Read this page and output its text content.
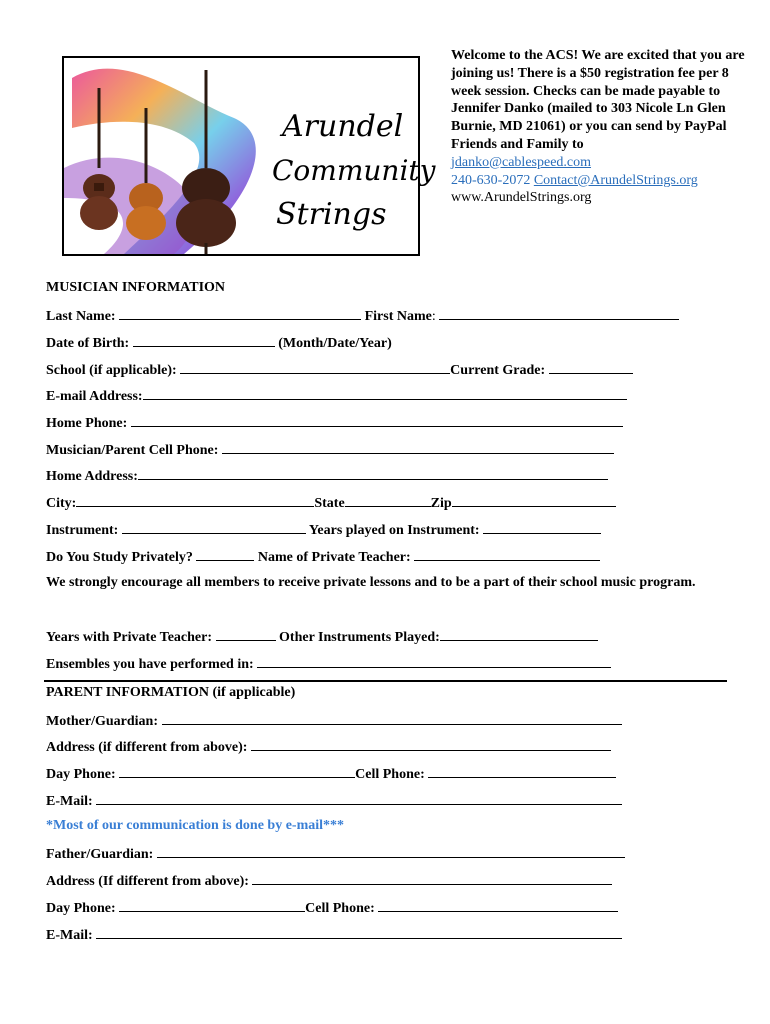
Arundel
Community
Strings
Welcome to the ACS! We are excited that you are joining us! There is a $50 registration fee per 8 week session. Checks can be made payable to Jennifer Danko (mailed to 303 Nicole Ln Glen Burnie, MD 21061) or you can send by PayPal Friends and Family to
jdanko@cablespeed.com
240-630-2072 Contact@ArundelStrings.org
www.ArundelStrings.org
MUSICIAN INFORMATION
Last Name:	First Name:
Date of Birth:	(Month/Date/Year)
School (if applicable):	Current Grade:
E-mail Address:
Home Phone:
Musician/Parent Cell Phone:
Home Address:
City:	State	Zip
Instrument:	Years played on Instrument:
Do You Study Privately?	Name of Private Teacher:
We strongly encourage all members to receive private lessons and to be a part of their school music program.
Years with Private Teacher:	Other Instruments Played:
Ensembles you have performed in:
PARENT INFORMATION (if applicable)
Mother/Guardian:
Address (if different from above):
Day Phone:	Cell Phone:
E-Mail:
*Most of our communication is done by e-mail***
Father/Guardian:
Address (If different from above):
Day Phone:	Cell Phone:
E-Mail:
